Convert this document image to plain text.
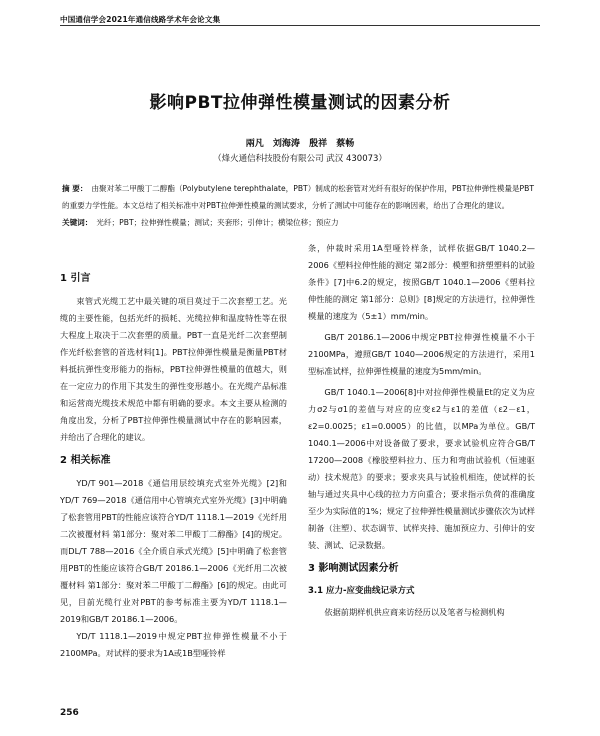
中国通信学会2021年通信线路学术年会论文集
影响PBT拉伸弹性模量测试的因素分析
兩凡 刘海涛 殷祥 蔡畅
（烽火通信科技股份有限公司 武汉 430073）
摘 要： 由聚对苯二甲酸丁二醇酯（Polybutylene terephthalate，PBT）制成的松套管对光纤有很好的保护作用，PBT拉伸弹性模量是PBT的重要力学性能。本文总结了相关标准中对PBT拉伸弹性模量的测试要求，分析了测试中可能存在的影响因素，给出了合理化的建议。
关键词： 光纤；PBT；拉伸弹性模量；测试；夹套形；引伸计；横梁位移；预应力

1 引言

束管式光缆工艺中最关键的项目莫过于二次套塑工艺。光缆的主要性能，包括光纤的损耗、光缆拉伸和温度特性等在很大程度上取决于二次套塑的质量。PBT一直是光纤二次套塑制作光纤松套管的首选材料[1]。PBT拉伸弹性模量是衡量PBT材料抵抗弹性变形能力的指标，PBT拉伸弹性模量的值越大，则在一定应力的作用下其发生的弹性变形越小。在光缆产品标准和运营商光缆技术规范中都有明确的要求。本文主要从检测的角度出发，分析了PBT拉伸弹性模量测试中存在的影响因素，并给出了合理化的建议。

2 相关标准

YD/T 901—2018《通信用层绞填充式室外光缆》[2]和YD/T 769—2018《通信用中心管填充式室外光缆》[3]中明确了松套管用PBT的性能应该符合YD/T 1118.1—2019《光纤用二次被覆材料 第1部分：聚对苯二甲酸丁二醇酯》[4]的规定。而DL/T 788—2016《全介质自承式光缆》[5]中明确了松套管用PBT的性能应该符合GB/T 20186.1—2006《光纤用二次被覆材料 第1部分：聚对苯二甲酸丁二醇酯》[6]的规定。由此可见，目前光缆行业对PBT的参考标准主要为YD/T 1118.1—2019和GB/T 20186.1—2006。

YD/T 1118.1—2019中规定PBT拉伸弹性模量不小于2100MPa。对试样的要求为1A或1B型哑铃样

条，仲裁时采用1A型哑铃样条，试样依据GB/T 1040.2—2006《塑料拉伸性能的测定 第2部分：模塑和挤塑塑料的试验条件》[7]中6.2的规定，按照GB/T 1040.1—2006《塑料拉伸性能的测定 第1部分：总则》[8]规定的方法进行，拉伸弹性模量的速度为（5±1）mm/min。

GB/T 20186.1—2006中规定PBT拉伸弹性模量不小于2100MPa，遵照GB/T 1040—2006规定的方法进行，采用1型标准试样，拉伸弹性模量的速度为5mm/min。

GB/T 1040.1—2006[8]中对拉伸弹性模量Et的定义为应力σ2与σ1的差值与对应的应变ε2与ε1的差值（ε2－ε1，ε2=0.0025；ε1=0.0005）的比值，以MPa为单位。GB/T 1040.1—2006中对设备做了要求，要求试验机应符合GB/T 17200—2008《橡胶塑料拉力、压力和弯曲试验机（恒速驱动）技术规范》的要求；要求夹具与试验机相连，使试样的长轴与通过夹具中心线的拉力方向重合；要求指示负荷的准确度至少为实际值的1%；规定了拉伸弹性模量测试步骤依次为试样制备（注塑）、状态调节、试样夹持、施加预应力、引伸计的安装、测试、记录数据。

3 影响测试因素分析

3.1 应力-应变曲线记录方式

依据前期样机供应商来访经历以及笔者与检测机构

256
